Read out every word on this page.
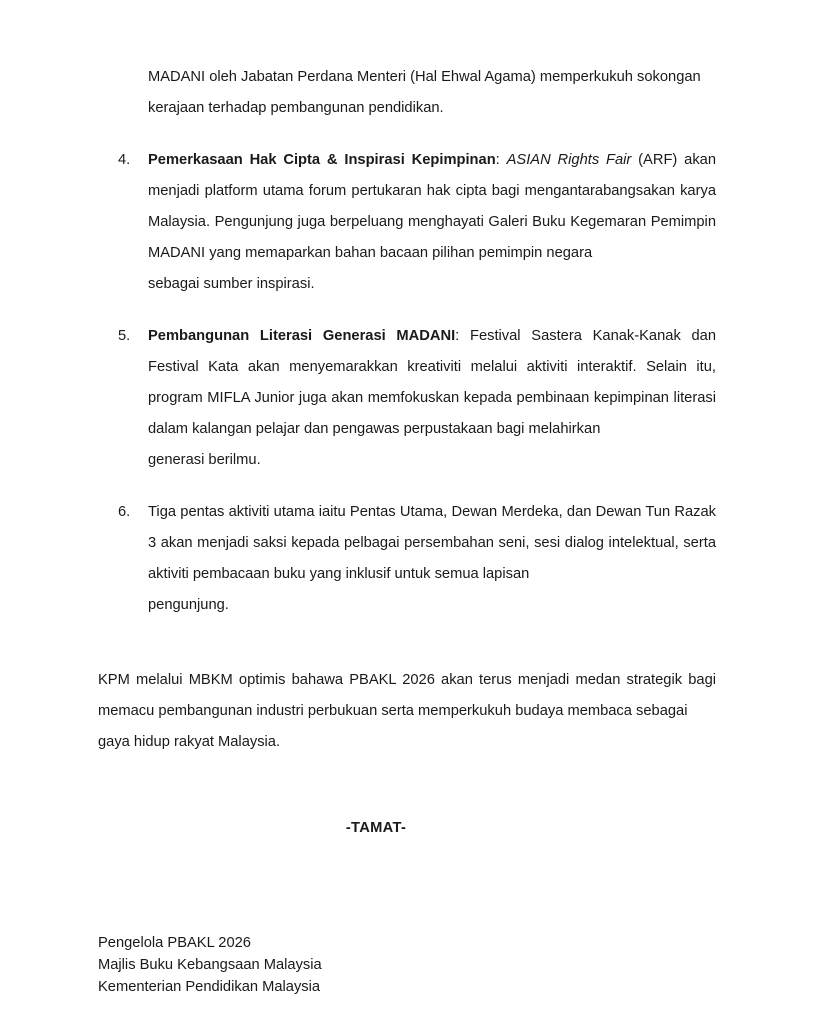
MADANI oleh Jabatan Perdana Menteri (Hal Ehwal Agama) memperkukuh sokongan
kerajaan terhadap pembangunan pendidikan.

4.	Pemerkasaan Hak Cipta & Inspirasi Kepimpinan: ASIAN Rights Fair (ARF) akan menjadi platform utama forum pertukaran hak cipta bagi mengantarabangsakan karya Malaysia. Pengunjung juga berpeluang menghayati Galeri Buku Kegemaran Pemimpin MADANI yang memaparkan bahan bacaan pilihan pemimpin negara
sebagai sumber inspirasi.
5.	Pembangunan Literasi Generasi MADANI: Festival Sastera Kanak-Kanak dan Festival Kata akan menyemarakkan kreativiti melalui aktiviti interaktif. Selain itu, program MIFLA Junior juga akan memfokuskan kepada pembinaan kepimpinan literasi dalam kalangan pelajar dan pengawas perpustakaan bagi melahirkan
generasi berilmu.
6.	Tiga pentas aktiviti utama iaitu Pentas Utama, Dewan Merdeka, dan Dewan Tun Razak 3 akan menjadi saksi kepada pelbagai persembahan seni, sesi dialog intelektual, serta aktiviti pembacaan buku yang inklusif untuk semua lapisan
pengunjung.

KPM melalui MBKM optimis bahawa PBAKL 2026 akan terus menjadi medan strategik bagi memacu pembangunan industri perbukuan serta memperkukuh budaya membaca sebagai
gaya hidup rakyat Malaysia.

-TAMAT-
Pengelola PBAKL 2026
Majlis Buku Kebangsaan Malaysia
Kementerian Pendidikan Malaysia
